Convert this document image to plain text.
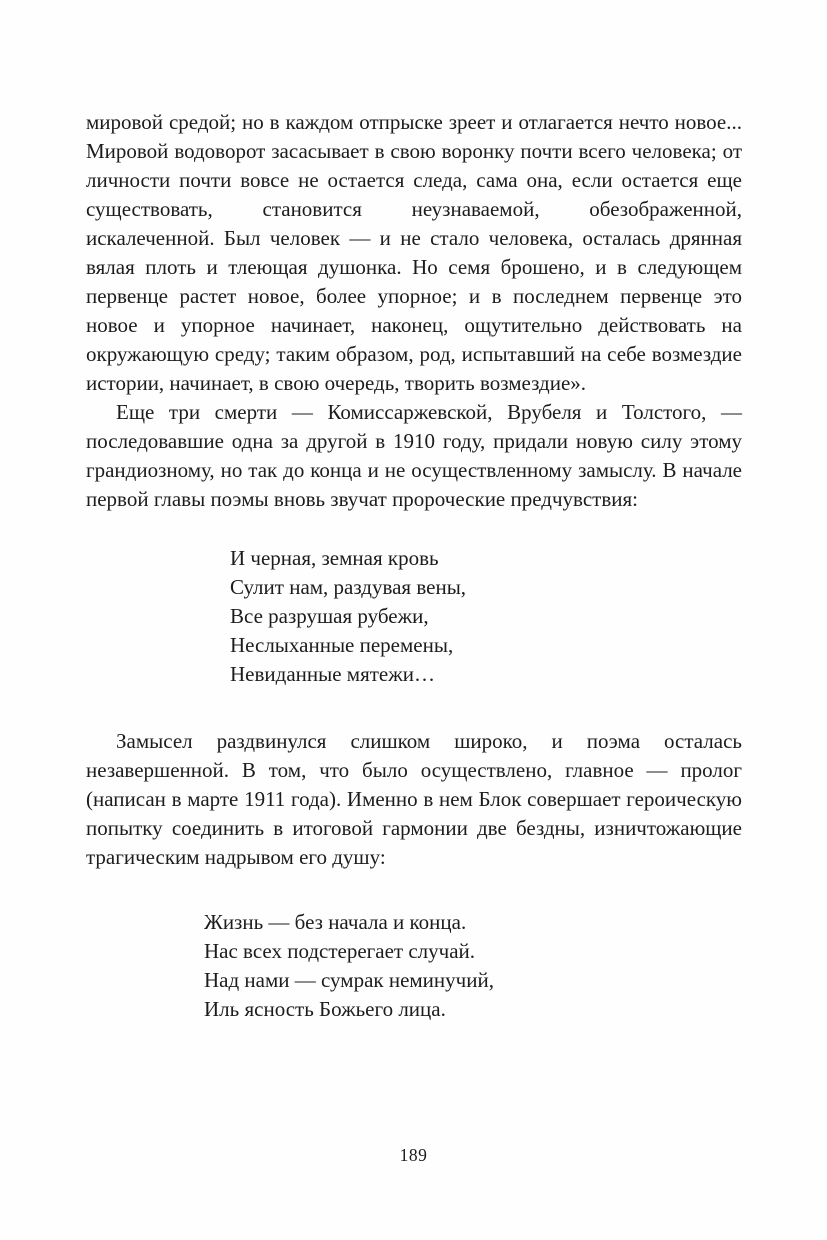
мировой средой; но в каждом отпрыске зреет и отлагается нечто новое... Мировой водоворот засасывает в свою воронку почти всего человека; от личности почти вовсе не остается следа, сама она, если остается еще существовать, становится неузнаваемой, обезображенной, искалеченной. Был человек — и не стало человека, осталась дрянная вялая плоть и тлеющая душонка. Но семя брошено, и в следующем первенце растет новое, более упорное; и в последнем первенце это новое и упорное начинает, наконец, ощутительно действовать на окружающую среду; таким образом, род, испытавший на себе возмездие истории, начинает, в свою очередь, творить возмездие».

Еще три смерти — Комиссаржевской, Врубеля и Толстого, — последовавшие одна за другой в 1910 году, придали новую силу этому грандиозному, но так до конца и не осуществленному замыслу. В начале первой главы поэмы вновь звучат пророческие предчувствия:

И черная, земная кровь
Сулит нам, раздувая вены,
Все разрушая рубежи,
Неслыханные перемены,
Невиданные мятежи…

Замысел раздвинулся слишком широко, и поэма осталась незавершенной. В том, что было осуществлено, главное — пролог (написан в марте 1911 года). Именно в нем Блок совершает героическую попытку соединить в итоговой гармонии две бездны, изничтожающие трагическим надрывом его душу:

Жизнь — без начала и конца.
Нас всех подстерегает случай.
Над нами — сумрак неминучий,
Иль ясность Божьего лица.
189
